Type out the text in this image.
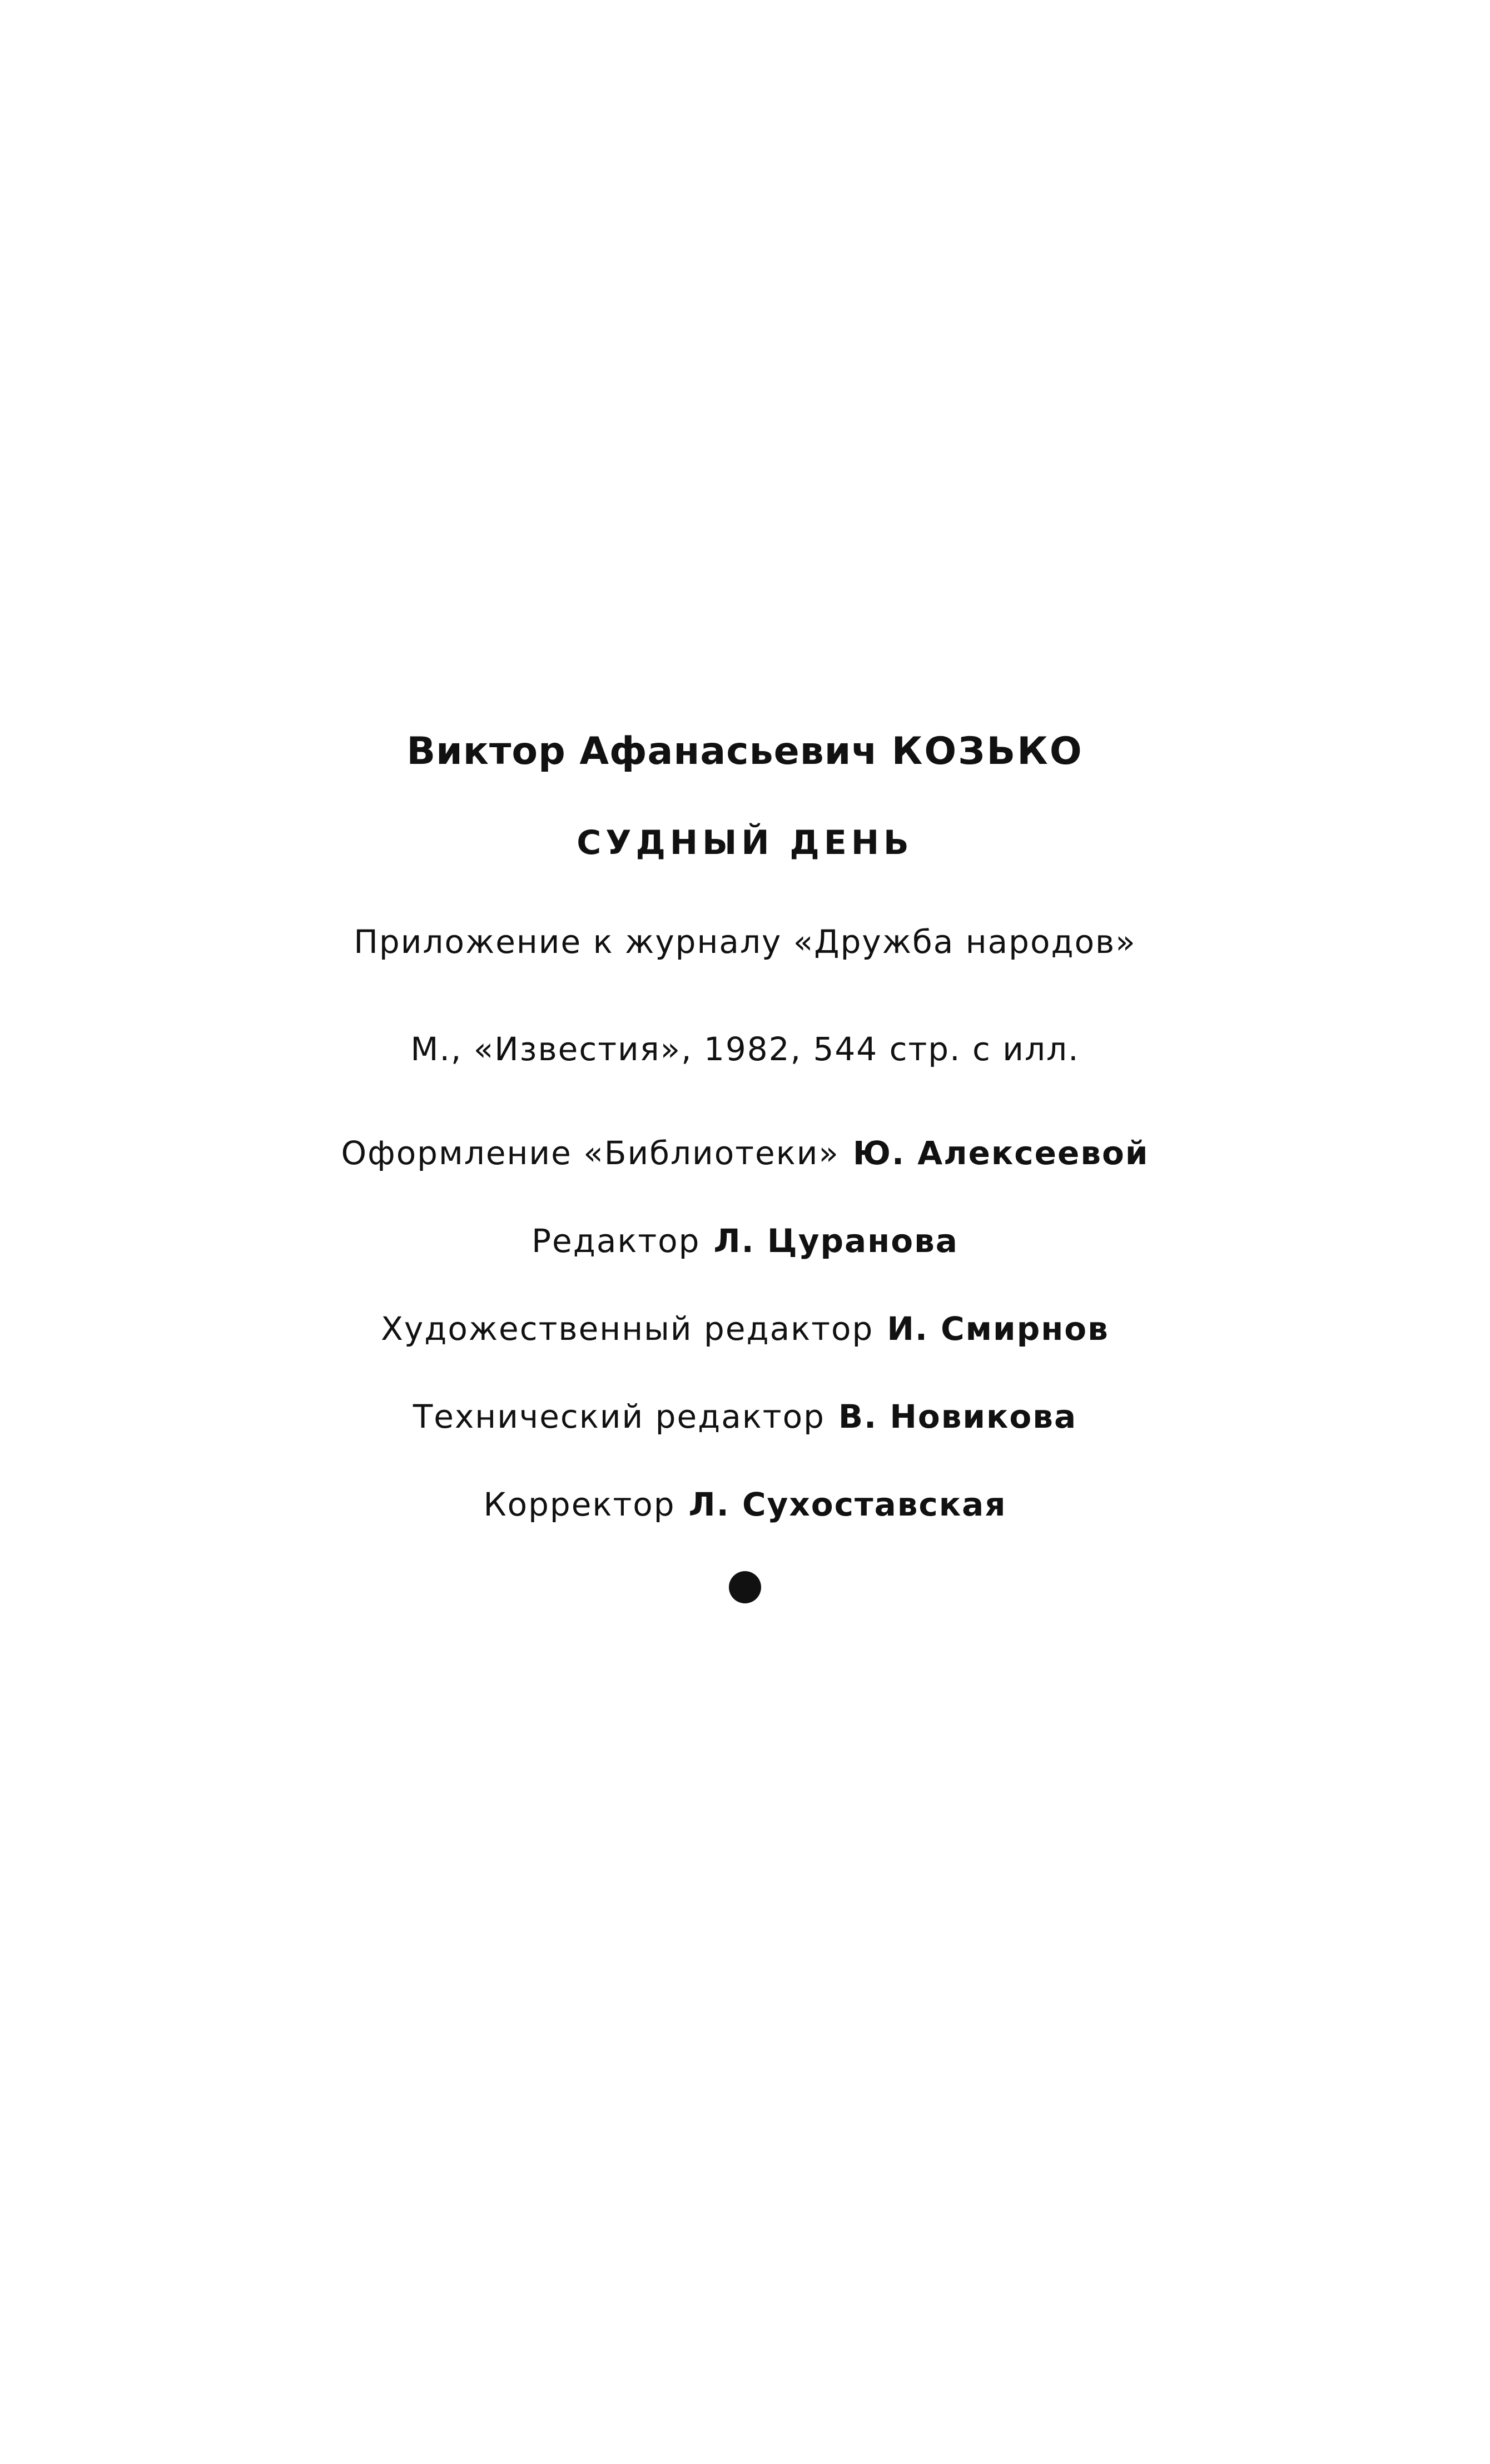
Виктор Афанасьевич КОЗЬКО
СУДНЫЙ ДЕНЬ
Приложение к журналу «Дружба народов»
М., «Известия», 1982, 544 стр. с илл.
Оформление «Библиотеки» Ю. Алексеевой
Редактор Л. Цуранова
Художественный редактор И. Смирнов
Технический редактор В. Новикова
Корректор Л. Сухоставская
